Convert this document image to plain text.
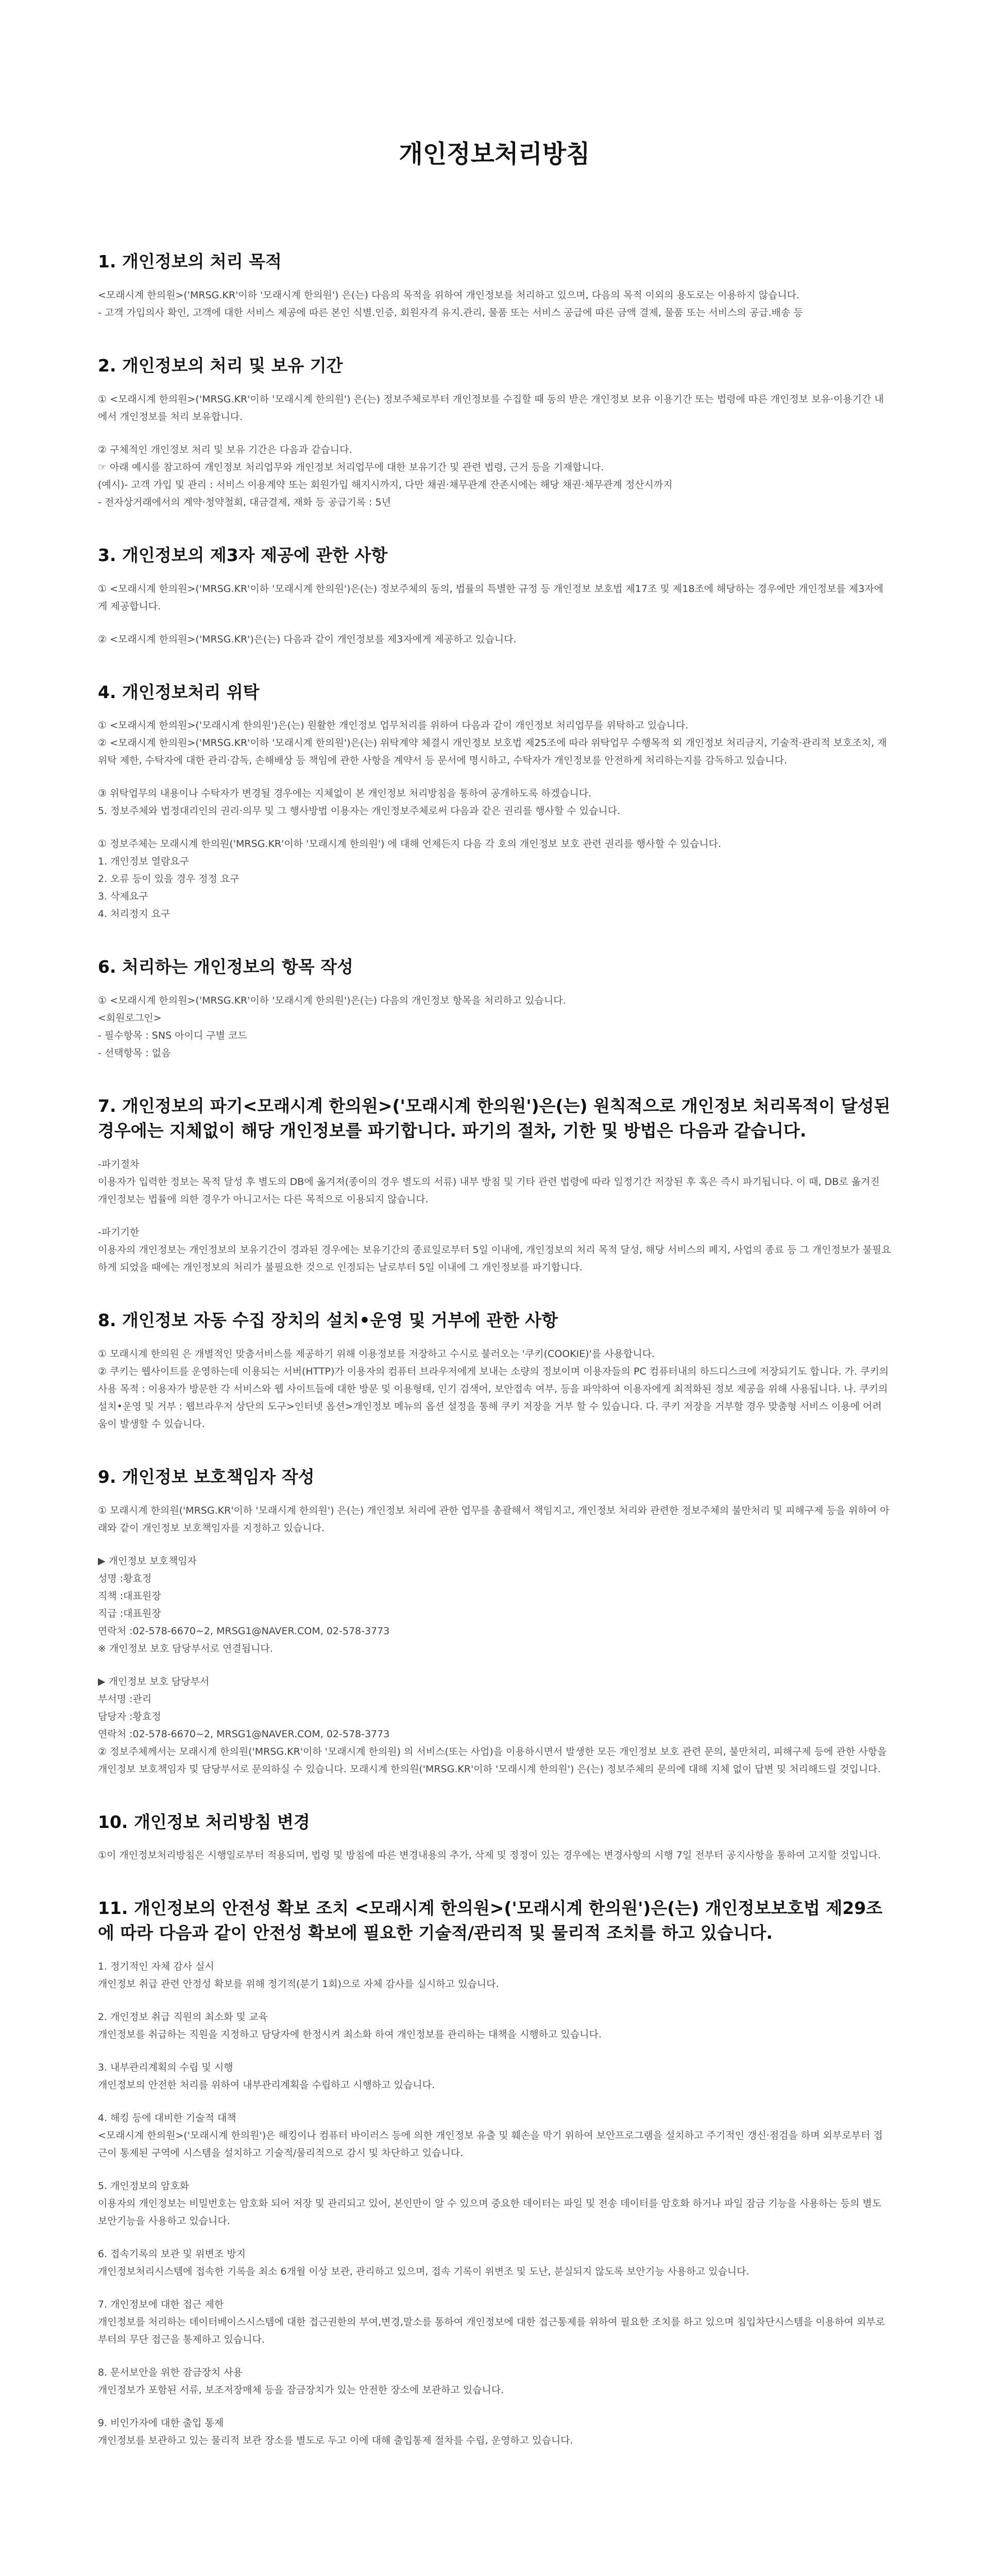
개인정보처리방침
1. 개인정보의 처리 목적

<모래시계 한의원>('MRSG.KR'이하 '모래시계 한의원') 은(는) 다음의 목적을 위하여 개인정보를 처리하고 있으며, 다음의 목적 이외의 용도로는 이용하지 않습니다.
- 고객 가입의사 확인, 고객에 대한 서비스 제공에 따른 본인 식별.인증, 회원자격 유지.관리, 물품 또는 서비스 공급에 따른 금액 결제, 물품 또는 서비스의 공급.배송 등

2. 개인정보의 처리 및 보유 기간

① <모래시계 한의원>('MRSG.KR'이하 '모래시계 한의원') 은(는) 정보주체로부터 개인정보를 수집할 때 동의 받은 개인정보 보유 이용기간 또는 법령에 따른 개인정보 보유·이용기간 내에서 개인정보를 처리 보유합니다.

② 구체적인 개인정보 처리 및 보유 기간은 다음과 같습니다.
☞ 아래 예시를 참고하여 개인정보 처리업무와 개인정보 처리업무에 대한 보유기간 및 관련 법령, 근거 등을 기재합니다.
(예시)- 고객 가입 및 관리 : 서비스 이용계약 또는 회원가입 해지시까지, 다만 채권·채무관계 잔존시에는 해당 채권·채무관계 정산시까지
- 전자상거래에서의 계약·청약철회, 대금결제, 재화 등 공급기록 : 5년

3. 개인정보의 제3자 제공에 관한 사항

① <모래시계 한의원>('MRSG.KR'이하 '모래시계 한의원')은(는) 정보주체의 동의, 법률의 특별한 규정 등 개인정보 보호법 제17조 및 제18조에 해당하는 경우에만 개인정보를 제3자에게 제공합니다.

② <모래시계 한의원>('MRSG.KR')은(는) 다음과 같이 개인정보를 제3자에게 제공하고 있습니다.

4. 개인정보처리 위탁

① <모래시계 한의원>('모래시계 한의원')은(는) 원활한 개인정보 업무처리를 위하여 다음과 같이 개인정보 처리업무를 위탁하고 있습니다.
② <모래시계 한의원>('MRSG.KR'이하 '모래시계 한의원')은(는) 위탁계약 체결시 개인정보 보호법 제25조에 따라 위탁업무 수행목적 외 개인정보 처리금지, 기술적·관리적 보호조치, 재위탁 제한, 수탁자에 대한 관리·감독, 손해배상 등 책임에 관한 사항을 계약서 등 문서에 명시하고, 수탁자가 개인정보를 안전하게 처리하는지를 감독하고 있습니다.

③ 위탁업무의 내용이나 수탁자가 변경될 경우에는 지체없이 본 개인정보 처리방침을 통하여 공개하도록 하겠습니다.
5. 정보주체와 법정대리인의 권리·의무 및 그 행사방법 이용자는 개인정보주체로써 다음과 같은 권리를 행사할 수 있습니다.

① 정보주체는 모래시계 한의원('MRSG.KR'이하 '모래시계 한의원') 에 대해 언제든지 다음 각 호의 개인정보 보호 관련 권리를 행사할 수 있습니다.
1. 개인정보 열람요구
2. 오류 등이 있을 경우 정정 요구
3. 삭제요구
4. 처리정지 요구

6. 처리하는 개인정보의 항목 작성

① <모래시계 한의원>('MRSG.KR'이하 '모래시계 한의원')은(는) 다음의 개인정보 항목을 처리하고 있습니다.
<회원로그인>
- 필수항목 : SNS 아이디 구별 코드
- 선택항목 : 없음

7. 개인정보의 파기<모래시계 한의원>('모래시계 한의원')은(는) 원칙적으로 개인정보 처리목적이 달성된 경우에는 지체없이 해당 개인정보를 파기합니다. 파기의 절차, 기한 및 방법은 다음과 같습니다.

-파기절차
이용자가 입력한 정보는 목적 달성 후 별도의 DB에 옮겨져(종이의 경우 별도의 서류) 내부 방침 및 기타 관련 법령에 따라 일정기간 저장된 후 혹은 즉시 파기됩니다. 이 때, DB로 옮겨진 개인정보는 법률에 의한 경우가 아니고서는 다른 목적으로 이용되지 않습니다.

-파기기한
이용자의 개인정보는 개인정보의 보유기간이 경과된 경우에는 보유기간의 종료일로부터 5일 이내에, 개인정보의 처리 목적 달성, 해당 서비스의 폐지, 사업의 종료 등 그 개인정보가 불필요하게 되었을 때에는 개인정보의 처리가 불필요한 것으로 인정되는 날로부터 5일 이내에 그 개인정보를 파기합니다.

8. 개인정보 자동 수집 장치의 설치•운영 및 거부에 관한 사항

① 모래시계 한의원 은 개별적인 맞춤서비스를 제공하기 위해 이용정보를 저장하고 수시로 불러오는 '쿠키(COOKIE)'를 사용합니다.
② 쿠키는 웹사이트를 운영하는데 이용되는 서버(HTTP)가 이용자의 컴퓨터 브라우저에게 보내는 소량의 정보이며 이용자들의 PC 컴퓨터내의 하드디스크에 저장되기도 합니다. 가. 쿠키의 사용 목적 : 이용자가 방문한 각 서비스와 웹 사이트들에 대한 방문 및 이용형태, 인기 검색어, 보안접속 여부, 등을 파악하여 이용자에게 최적화된 정보 제공을 위해 사용됩니다. 나. 쿠키의 설치•운영 및 거부 : 웹브라우저 상단의 도구>인터넷 옵션>개인정보 메뉴의 옵션 설정을 통해 쿠키 저장을 거부 할 수 있습니다. 다. 쿠키 저장을 거부할 경우 맞춤형 서비스 이용에 어려움이 발생할 수 있습니다.

9. 개인정보 보호책임자 작성

① 모래시계 한의원('MRSG.KR'이하 '모래시계 한의원') 은(는) 개인정보 처리에 관한 업무를 총괄해서 책임지고, 개인정보 처리와 관련한 정보주체의 불만처리 및 피해구제 등을 위하여 아래와 같이 개인정보 보호책임자를 지정하고 있습니다.

▶ 개인정보 보호책임자
성명 :황효정
직책 :대표원장
직급 :대표원장
연락처 :02-578-6670~2, MRSG1@NAVER.COM, 02-578-3773
※ 개인정보 보호 담당부서로 연결됩니다.

▶ 개인정보 보호 담당부서
부서명 :관리
담당자 :황효정
연락처 :02-578-6670~2, MRSG1@NAVER.COM, 02-578-3773
② 정보주체께서는 모래시계 한의원('MRSG.KR'이하 '모래시계 한의원) 의 서비스(또는 사업)을 이용하시면서 발생한 모든 개인정보 보호 관련 문의, 불만처리, 피해구제 등에 관한 사항을 개인정보 보호책임자 및 담당부서로 문의하실 수 있습니다. 모래시계 한의원('MRSG.KR'이하 '모래시계 한의원') 은(는) 정보주체의 문의에 대해 지체 없이 답변 및 처리해드릴 것입니다.

10. 개인정보 처리방침 변경

①이 개인정보처리방침은 시행일로부터 적용되며, 법령 및 방침에 따른 변경내용의 추가, 삭제 및 정정이 있는 경우에는 변경사항의 시행 7일 전부터 공지사항을 통하여 고지할 것입니다.

11. 개인정보의 안전성 확보 조치 <모래시계 한의원>('모래시계 한의원')은(는) 개인정보보호법 제29조에 따라 다음과 같이 안전성 확보에 필요한 기술적/관리적 및 물리적 조치를 하고 있습니다.

1. 정기적인 자체 감사 실시
개인정보 취급 관련 안정성 확보를 위해 정기적(분기 1회)으로 자체 감사를 실시하고 있습니다.

2. 개인정보 취급 직원의 최소화 및 교육
개인정보를 취급하는 직원을 지정하고 담당자에 한정시켜 최소화 하여 개인정보를 관리하는 대책을 시행하고 있습니다.

3. 내부관리계획의 수립 및 시행
개인정보의 안전한 처리를 위하여 내부관리계획을 수립하고 시행하고 있습니다.

4. 해킹 등에 대비한 기술적 대책
<모래시계 한의원>('모래시계 한의원')은 해킹이나 컴퓨터 바이러스 등에 의한 개인정보 유출 및 훼손을 막기 위하여 보안프로그램을 설치하고 주기적인 갱신·점검을 하며 외부로부터 접근이 통제된 구역에 시스템을 설치하고 기술적/물리적으로 감시 및 차단하고 있습니다.

5. 개인정보의 암호화
이용자의 개인정보는 비밀번호는 암호화 되어 저장 및 관리되고 있어, 본인만이 알 수 있으며 중요한 데이터는 파일 및 전송 데이터를 암호화 하거나 파일 잠금 기능을 사용하는 등의 별도 보안기능을 사용하고 있습니다.

6. 접속기록의 보관 및 위변조 방지
개인정보처리시스템에 접속한 기록을 최소 6개월 이상 보관, 관리하고 있으며, 접속 기록이 위변조 및 도난, 분실되지 않도록 보안기능 사용하고 있습니다.

7. 개인정보에 대한 접근 제한
개인정보를 처리하는 데이터베이스시스템에 대한 접근권한의 부여,변경,말소를 통하여 개인정보에 대한 접근통제를 위하여 필요한 조치를 하고 있으며 침입차단시스템을 이용하여 외부로부터의 무단 접근을 통제하고 있습니다.

8. 문서보안을 위한 잠금장치 사용
개인정보가 포함된 서류, 보조저장매체 등을 잠금장치가 있는 안전한 장소에 보관하고 있습니다.

9. 비인가자에 대한 출입 통제
개인정보를 보관하고 있는 물리적 보관 장소를 별도로 두고 이에 대해 출입통제 절차를 수립, 운영하고 있습니다.
